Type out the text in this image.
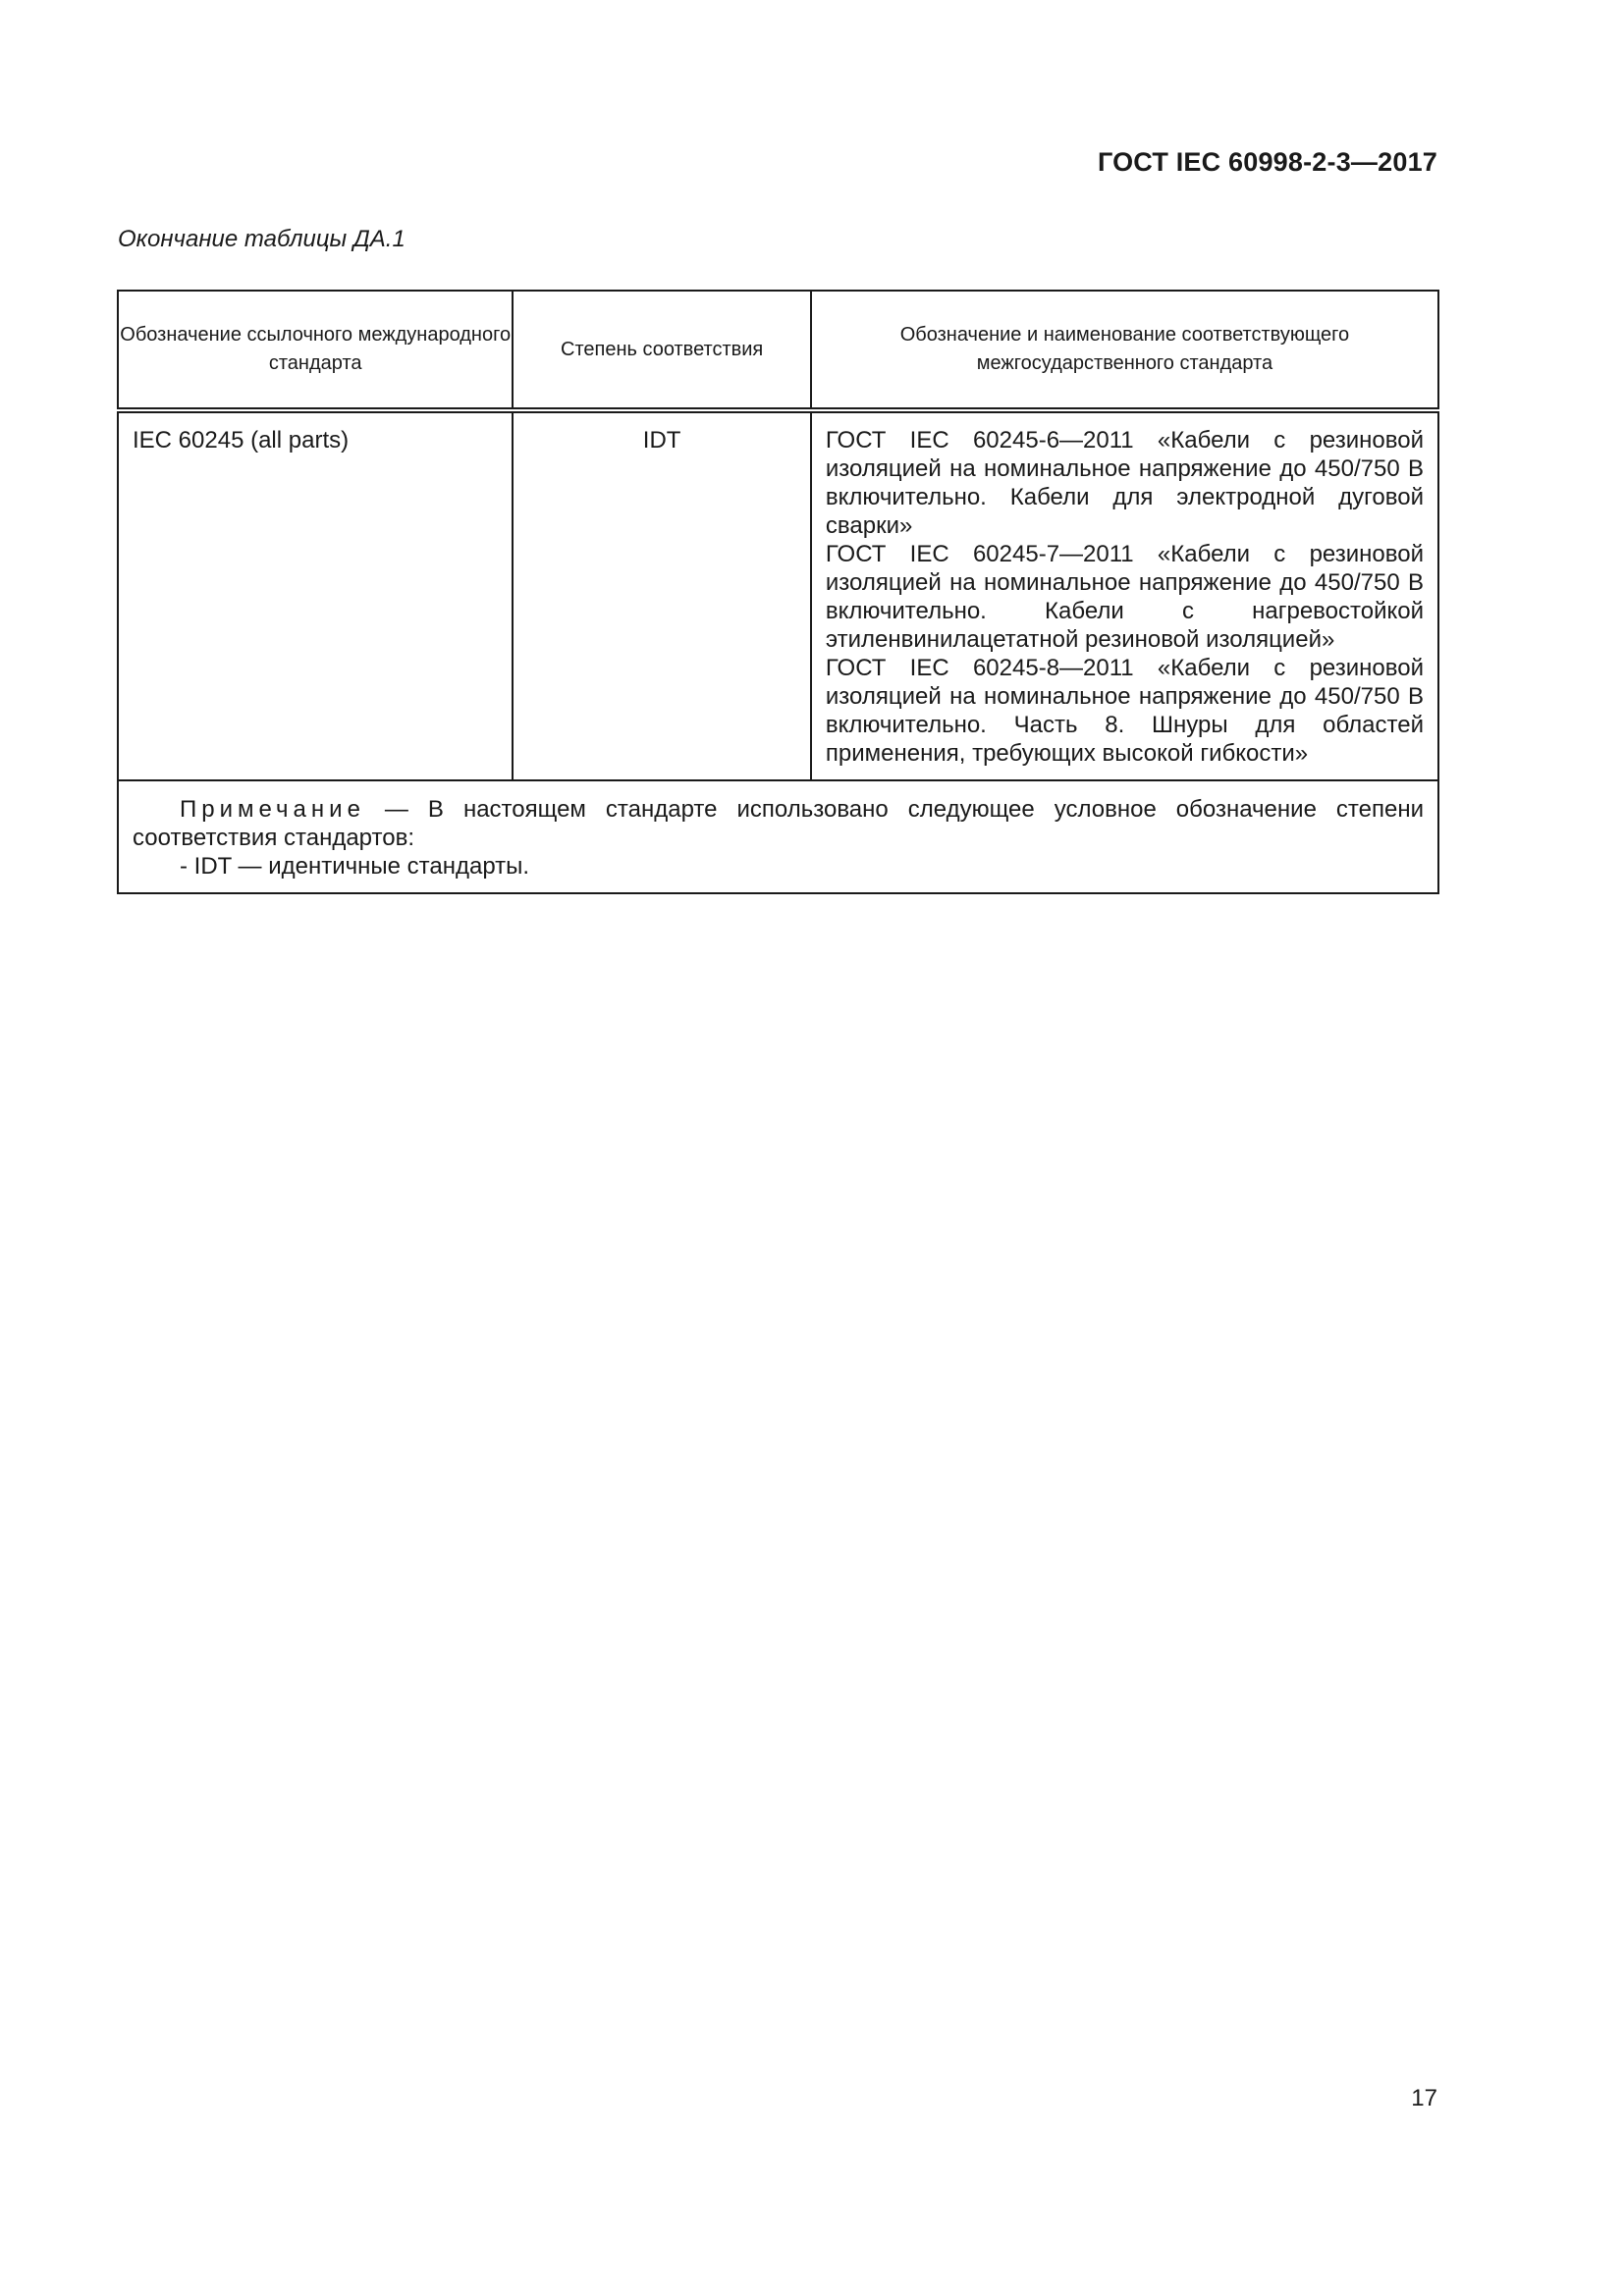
ГОСТ IEC 60998-2-3—2017
Окончание таблицы ДА.1
Обозначение ссылочного международного стандарта	Степень соответствия	Обозначение и наименование соответствующего межгосударственного стандарта
IEC 60245 (all parts)	IDT	ГОСТ IEC 60245-6—2011 «Кабели с резиновой изоляцией на номинальное напряжение до 450/750 В включительно. Кабели для электродной дуговой сварки»
ГОСТ IEC 60245-7—2011 «Кабели с резиновой изоляцией на номинальное напряжение до 450/750 В включительно. Кабели с нагревостойкой этиленвинилацетатной резиновой изоляцией»
ГОСТ IEC 60245-8—2011 «Кабели с резиновой изоляцией на номинальное напряжение до 450/750 В включительно. Часть 8. Шнуры для областей применения, требующих высокой гибкости»

Примечание — В настоящем стандарте использовано следующее условное обозначение степени соответствия стандартов:
- IDT — идентичные стандарты.		
17
